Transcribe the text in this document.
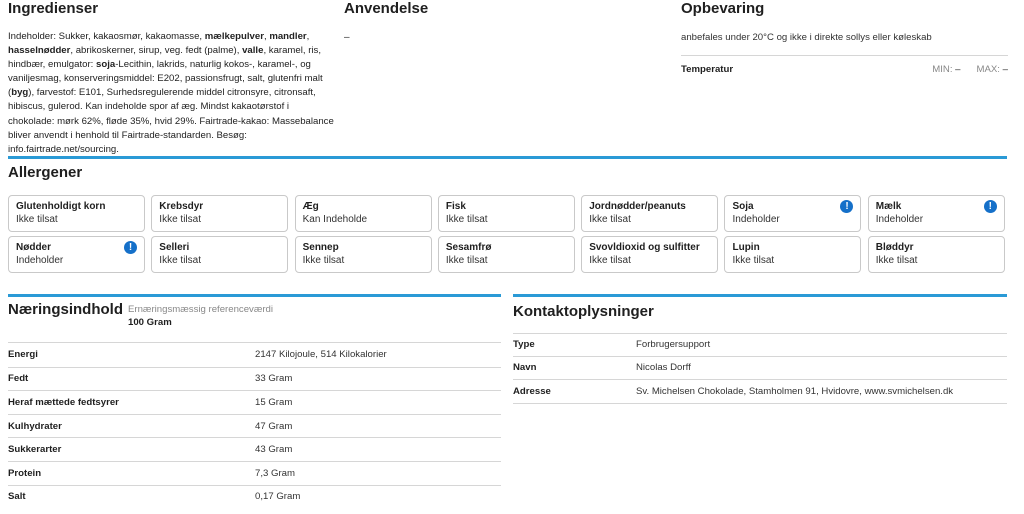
Ingredienser
Indeholder: Sukker, kakaosmør, kakaomasse, mælkepulver, mandler, hasselnødder, abrikoskerner, sirup, veg. fedt (palme), valle, karamel, ris, hindbær, emulgator: soja-Lecithin, lakrids, naturlig kokos-, karamel-, og vaniljesmag, konserveringsmiddel: E202, passionsfrugt, salt, glutenfri malt (byg), farvestof: E101, Surhedsregulerende middel citronsyre, citronsaft, hibiscus, gulerod. Kan indeholde spor af æg. Mindst kakaotørstof i chokolade: mørk 62%, fløde 35%, hvid 29%. Fairtrade-kakao: Massebalance bliver anvendt i henhold til Fairtrade-standarden. Besøg: info.fairtrade.net/sourcing.
Anvendelse
–
Opbevaring
anbefales under 20°C og ikke i direkte sollys eller køleskab
Temperatur	MIN: – MAX: –
Allergener
Glutenholdigt korn
Ikke tilsat
Krebsdyr
Ikke tilsat
Æg
Kan Indeholde
Fisk
Ikke tilsat
Jordnødder/peanuts
Ikke tilsat
Soja
Indeholder
!	Mælk
Indeholder
!
Nødder
Indeholder
!	Selleri
Ikke tilsat
Sennep
Ikke tilsat
Sesamfrø
Ikke tilsat
Svovldioxid og sulfitter
Ikke tilsat
Lupin
Ikke tilsat
Bløddyr
Ikke tilsat
Næringsindhold Ernæringsmæssig referenceværdi
100 Gram
Energi	2147 Kilojoule, 514 Kilokalorier
Fedt	33 Gram
Heraf mættede fedtsyrer	15 Gram
Kulhydrater	47 Gram
Sukkerarter	43 Gram
Protein	7,3 Gram
Salt	0,17 Gram
Kontaktoplysninger
Type	Forbrugersupport
Navn	Nicolas Dorff
Adresse	Sv. Michelsen Chokolade, Stamholmen 91, Hvidovre, www.svmichelsen.dk
